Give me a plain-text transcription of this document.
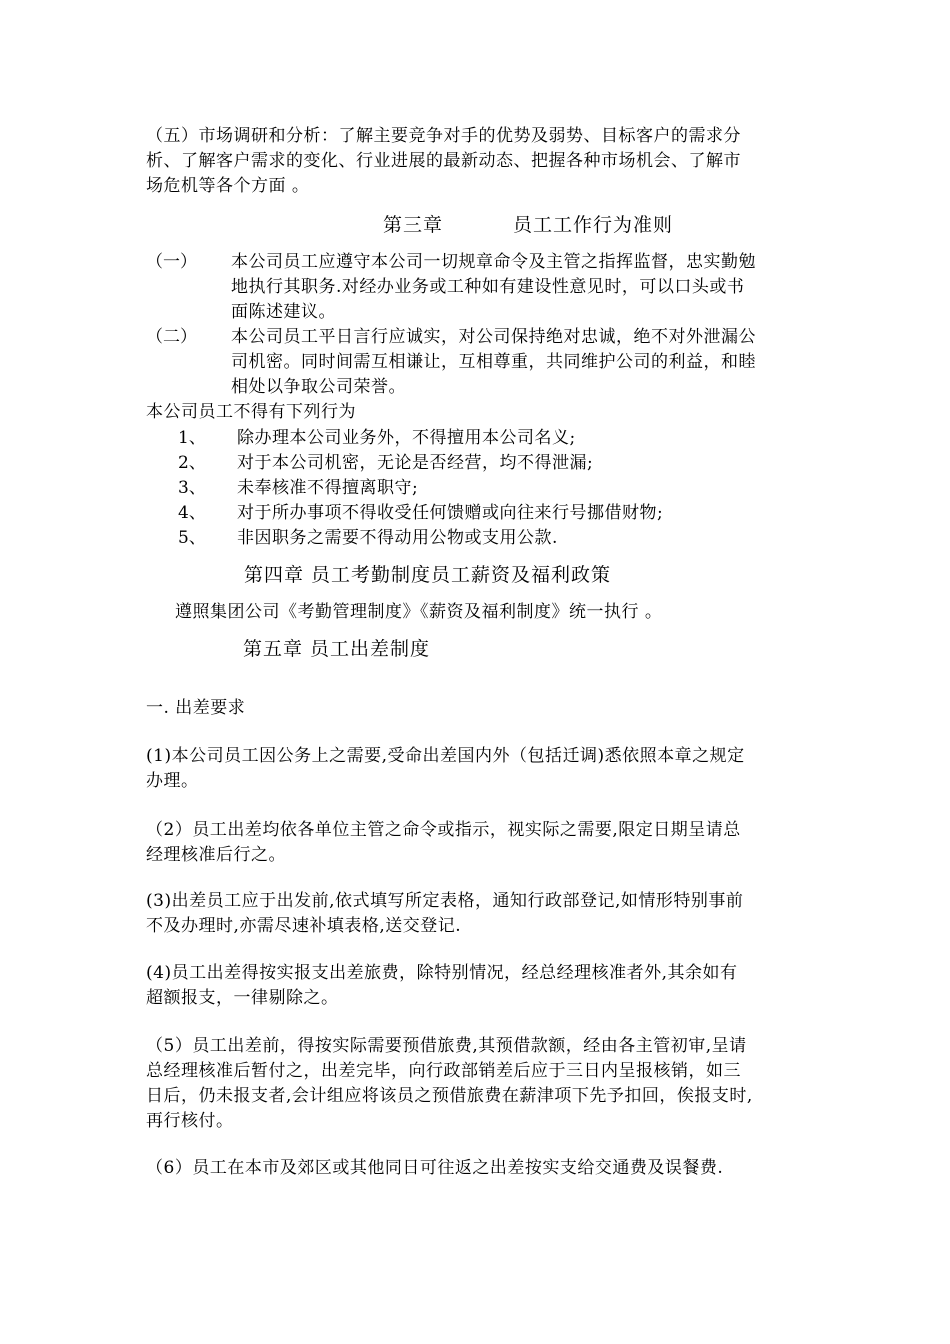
（五）市场调研和分析：了解主要竞争对手的优势及弱势、目标客户的需求分
析、了解客户需求的变化、行业进展的最新动态、把握各种市场机会、了解市
场危机等各个方面 。
第三章	员工工作行为准则
（一） 本公司员工应遵守本公司一切规章命令及主管之指挥监督，忠实勤勉
地执行其职务.对经办业务或工种如有建设性意见时，可以口头或书
面陈述建议。
（二） 本公司员工平日言行应诚实，对公司保持绝对忠诚，绝不对外泄漏公
司机密。同时间需互相谦让，互相尊重，共同维护公司的利益，和睦
相处以争取公司荣誉。
本公司员工不得有下列行为
1、 除办理本公司业务外，不得擅用本公司名义;
2、 对于本公司机密，无论是否经营，均不得泄漏;
3、 未奉核准不得擅离职守;
4、 对于所办事项不得收受任何馈赠或向往来行号挪借财物;
5、 非因职务之需要不得动用公物或支用公款.
第四章 员工考勤制度员工薪资及福利政策
遵照集团公司《考勤管理制度》《薪资及福利制度》统一执行 。
第五章 员工出差制度
一. 出差要求
(1)本公司员工因公务上之需要,受命出差国内外（包括迁调)悉依照本章之规定
办理。
（2）员工出差均依各单位主管之命令或指示，视实际之需要,限定日期呈请总
经理核准后行之。
(3)出差员工应于出发前,依式填写所定表格，通知行政部登记,如情形特别事前
不及办理时,亦需尽速补填表格,送交登记.
(4)员工出差得按实报支出差旅费，除特别情况，经总经理核准者外,其余如有
超额报支，一律剔除之。
（5）员工出差前，得按实际需要预借旅费,其预借款额，经由各主管初审,呈请
总经理核准后暂付之，出差完毕，向行政部销差后应于三日内呈报核销，如三
日后，仍未报支者,会计组应将该员之预借旅费在薪津项下先予扣回，俟报支时,
再行核付。
（6）员工在本市及郊区或其他同日可往返之出差按实支给交通费及误餐费.
